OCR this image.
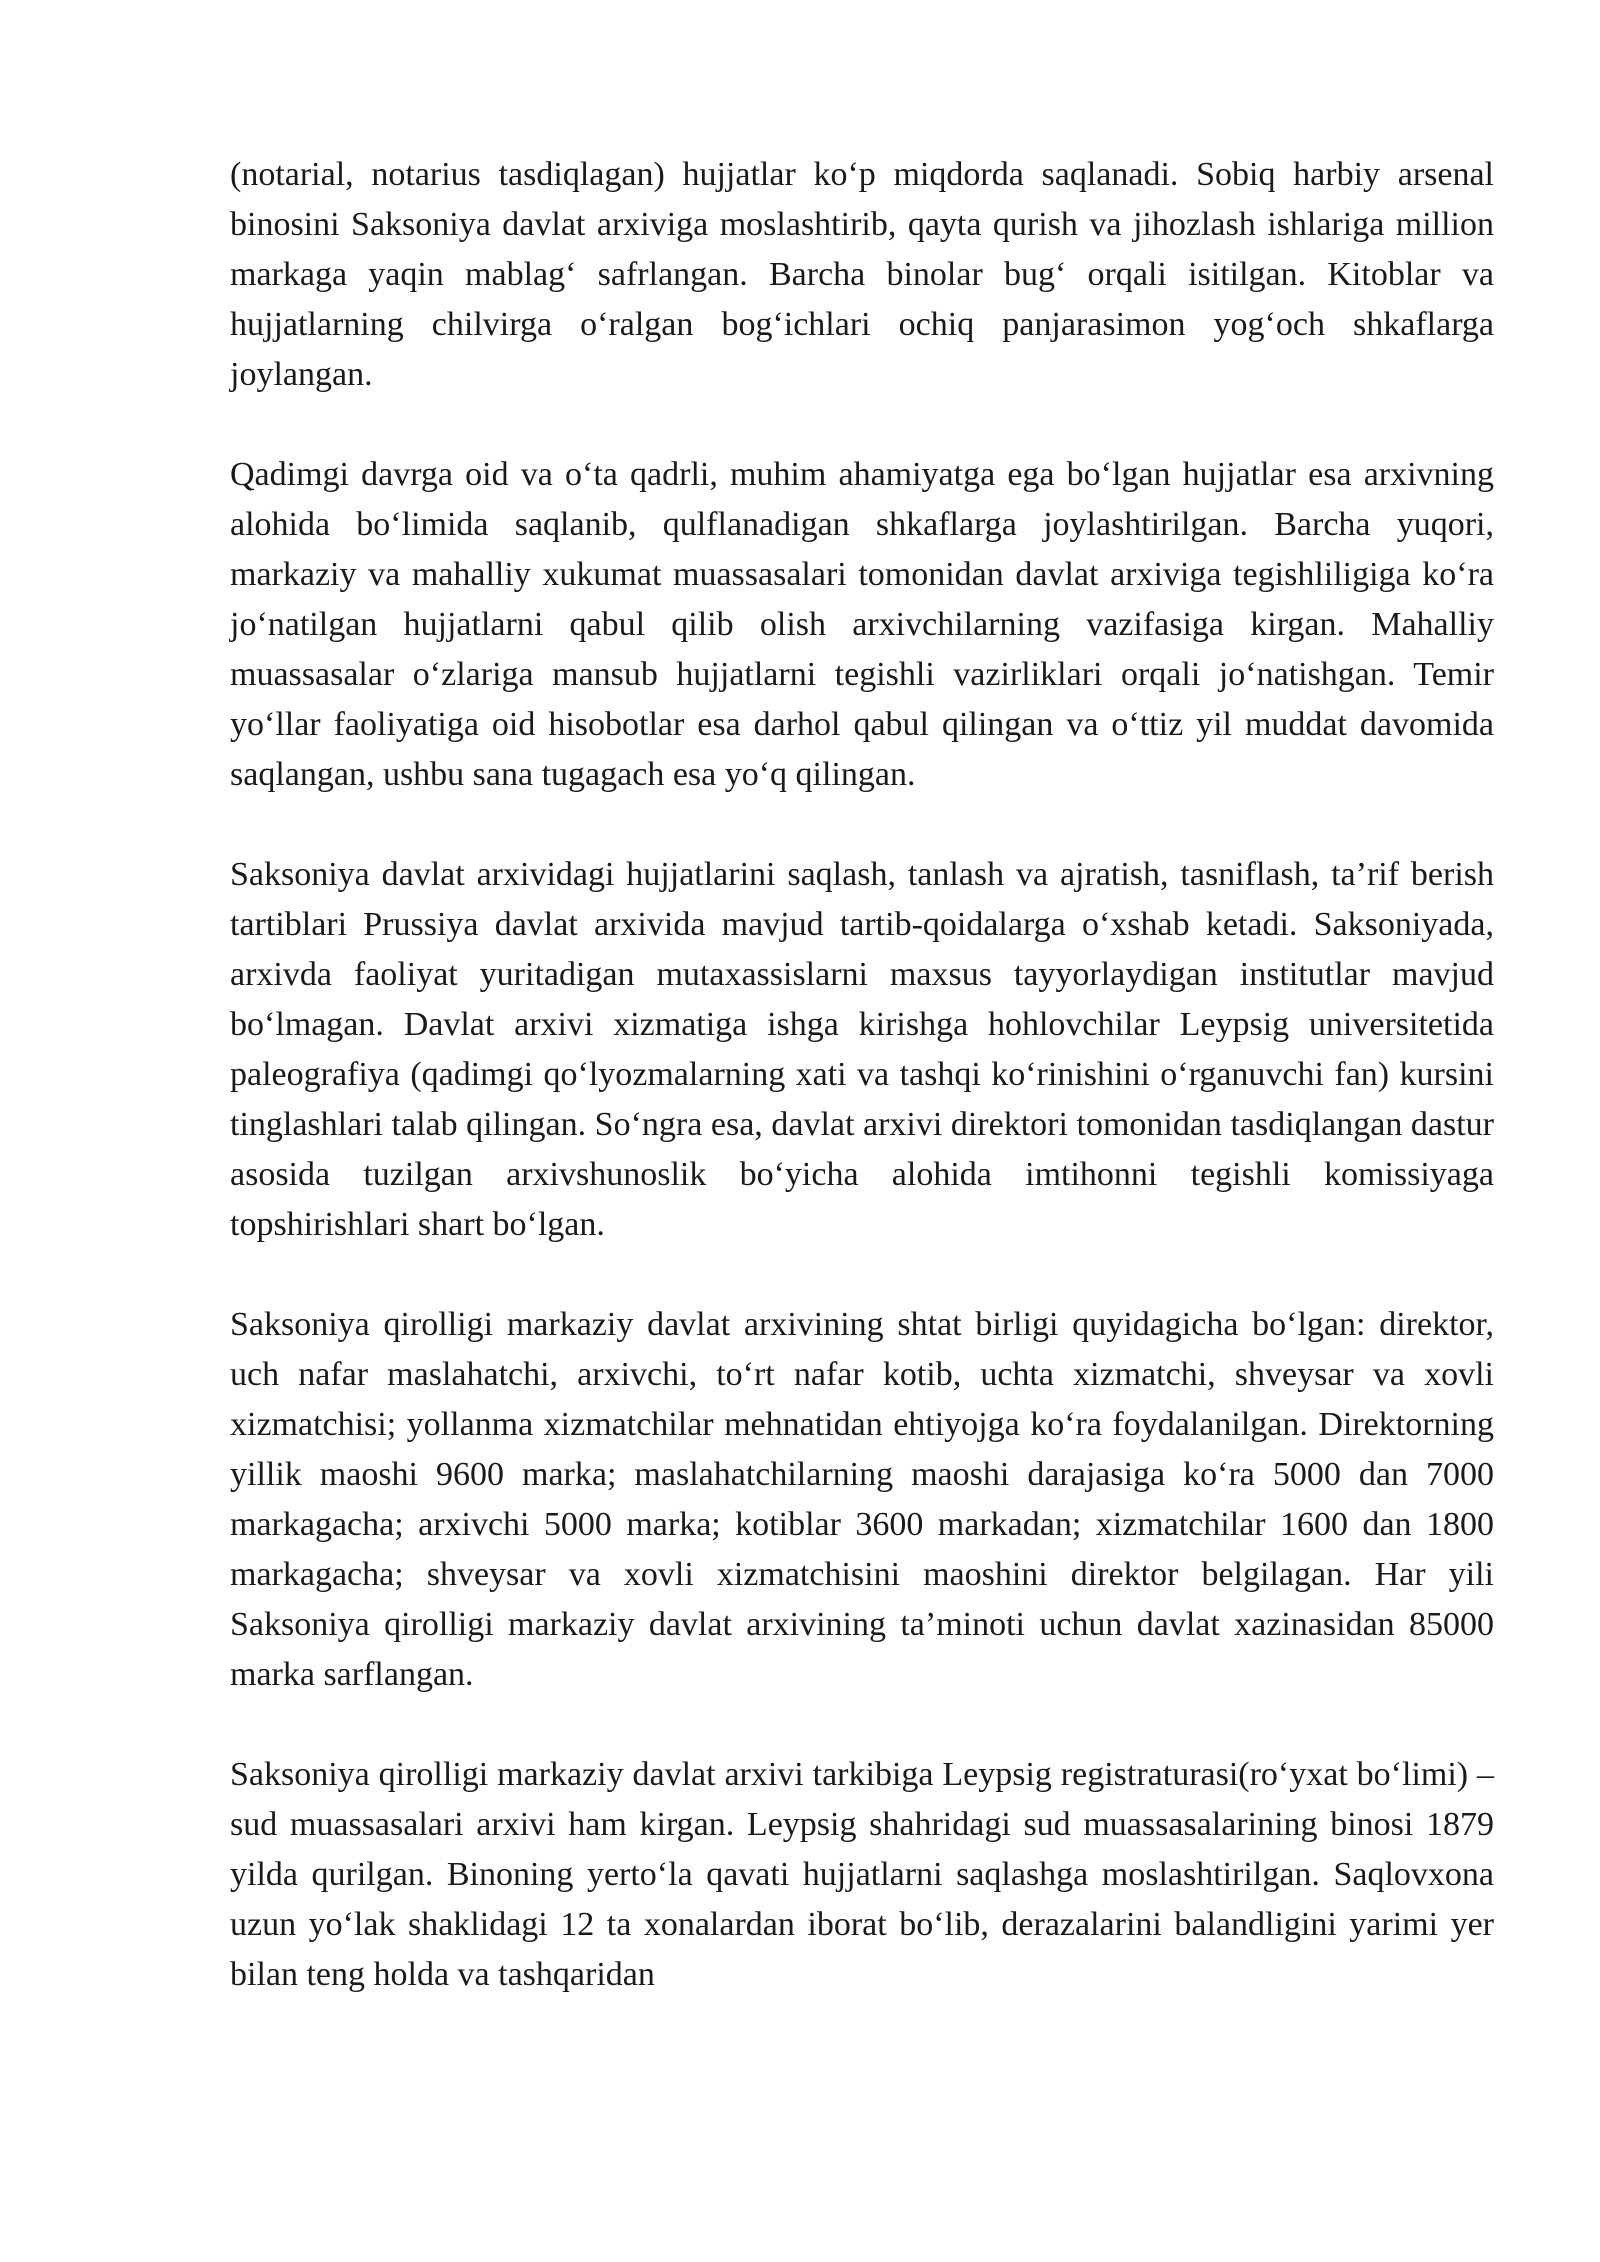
(notarial, notarius tasdiqlagan) hujjatlar ko‘p miqdorda saqlanadi. Sobiq harbiy arsenal binosini Saksoniya davlat arxiviga moslashtirib, qayta qurish va jihozlash ishlariga million markaga yaqin mablag‘ safrlangan. Barcha binolar bug‘ orqali isitilgan. Kitoblar va hujjatlarning chilvirga o‘ralgan bog‘ichlari ochiq panjarasimon yog‘och shkaflarga joylangan.

Qadimgi davrga oid va o‘ta qadrli, muhim ahamiyatga ega bo‘lgan hujjatlar esa arxivning alohida bo‘limida saqlanib, qulflanadigan shkaflarga joylashtirilgan. Barcha yuqori, markaziy va mahalliy xukumat muassasalari tomonidan davlat arxiviga tegishliligiga ko‘ra jo‘natilgan hujjatlarni qabul qilib olish arxivchilarning vazifasiga kirgan. Mahalliy muassasalar o‘zlariga mansub hujjatlarni tegishli vazirliklari orqali jo‘natishgan. Temir yo‘llar faoliyatiga oid hisobotlar esa darhol qabul qilingan va o‘ttiz yil muddat davomida saqlangan, ushbu sana tugagach esa yo‘q qilingan.

Saksoniya davlat arxividagi hujjatlarini saqlash, tanlash va ajratish, tasniflash, ta’rif berish tartiblari Prussiya davlat arxivida mavjud tartib-qoidalarga o‘xshab ketadi. Saksoniyada, arxivda faoliyat yuritadigan mutaxassislarni maxsus tayyorlaydigan institutlar mavjud bo‘lmagan. Davlat arxivi xizmatiga ishga kirishga hohlovchilar Leypsig universitetida paleografiya (qadimgi qo‘lyozmalarning xati va tashqi ko‘rinishini o‘rganuvchi fan) kursini tinglashlari talab qilingan. So‘ngra esa, davlat arxivi direktori tomonidan tasdiqlangan dastur asosida tuzilgan arxivshunoslik bo‘yicha alohida imtihonni tegishli komissiyaga topshirishlari shart bo‘lgan.

Saksoniya qirolligi markaziy davlat arxivining shtat birligi quyidagicha bo‘lgan: direktor, uch nafar maslahatchi, arxivchi, to‘rt nafar kotib, uchta xizmatchi, shveysar va xovli xizmatchisi; yollanma xizmatchilar mehnatidan ehtiyojga ko‘ra foydalanilgan. Direktorning yillik maoshi 9600 marka; maslahatchilarning maoshi darajasiga ko‘ra 5000 dan 7000 markagacha; arxivchi 5000 marka; kotiblar 3600 markadan; xizmatchilar 1600 dan 1800 markagacha; shveysar va xovli xizmatchisini maoshini direktor belgilagan. Har yili Saksoniya qirolligi markaziy davlat arxivining ta’minoti uchun davlat xazinasidan 85000 marka sarflangan.

Saksoniya qirolligi markaziy davlat arxivi tarkibiga Leypsig registraturasi(ro‘yxat bo‘limi) – sud muassasalari arxivi ham kirgan. Leypsig shahridagi sud muassasalarining binosi 1879 yilda qurilgan. Binoning yerto‘la qavati hujjatlarni saqlashga moslashtirilgan. Saqlovxona uzun yo‘lak shaklidagi 12 ta xonalardan iborat bo‘lib, derazalarini balandligini yarimi yer bilan teng holda va tashqaridan
